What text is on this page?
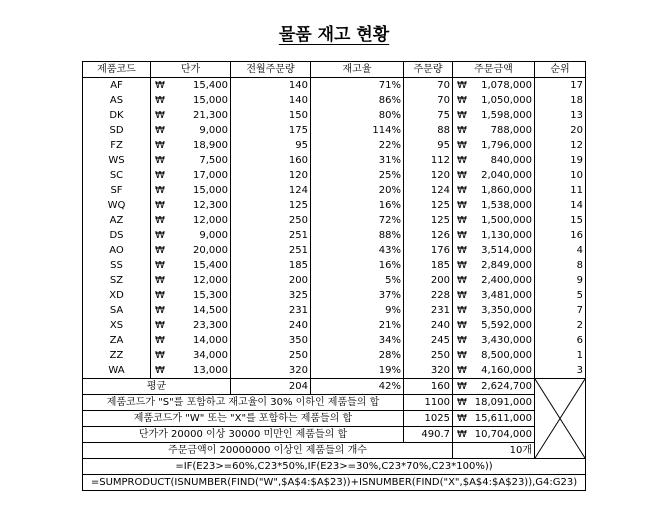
물품 재고 현황
제품코드	단가	전월주문량	재고율	주문량	주문금액	순위
AF	₩ 15,400	140	71%	70	₩ 1,078,000	17
AS	₩ 15,000	140	86%	70	₩ 1,050,000	18
DK	₩ 21,300	150	80%	75	₩ 1,598,000	13
SD	₩ 9,000	175	114%	88	₩ 788,000	20
FZ	₩ 18,900	95	22%	95	₩ 1,796,000	12
WS	₩ 7,500	160	31%	112	₩ 840,000	19
SC	₩ 17,000	120	25%	120	₩ 2,040,000	10
SF	₩ 15,000	124	20%	124	₩ 1,860,000	11
WQ	₩ 12,300	125	16%	125	₩ 1,538,000	14
AZ	₩ 12,000	250	72%	125	₩ 1,500,000	15
DS	₩ 9,000	251	88%	126	₩ 1,130,000	16
AO	₩ 20,000	251	43%	176	₩ 3,514,000	4
SS	₩ 15,400	185	16%	185	₩ 2,849,000	8
SZ	₩ 12,000	200	5%	200	₩ 2,400,000	9
XD	₩ 15,300	325	37%	228	₩ 3,481,000	5
SA	₩ 14,500	231	9%	231	₩ 3,350,000	7
XS	₩ 23,300	240	21%	240	₩ 5,592,000	2
ZA	₩ 14,000	350	34%	245	₩ 3,430,000	6
ZZ	₩ 34,000	250	28%	250	₩ 8,500,000	1
WA	₩ 13,000	320	19%	320	₩ 4,160,000	3
평균		204	42%	160	₩ 2,624,700

제품코드가 "S"를 포함하고 재고율이 30% 이하인 제품들의 합				1100	₩ 18,091,000	

제품코드가 "W" 또는 "X"를 포함하는 제품들의 합				1025	₩ 15,611,000	

단가가 20000 이상 30000 미만인 제품들의 합				490.7	₩ 10,704,000	

주문금액이 20000000 이상인 제품들의 개수					10개	
=IF(E23>=60%,C23*50%,IF(E23>=30%,C23*70%,C23*100%))						
=SUMPRODUCT(ISNUMBER(FIND("W",$A$4:$A$23))+ISNUMBER(FIND("X",$A$4:$A$23)),G4:G23)						
